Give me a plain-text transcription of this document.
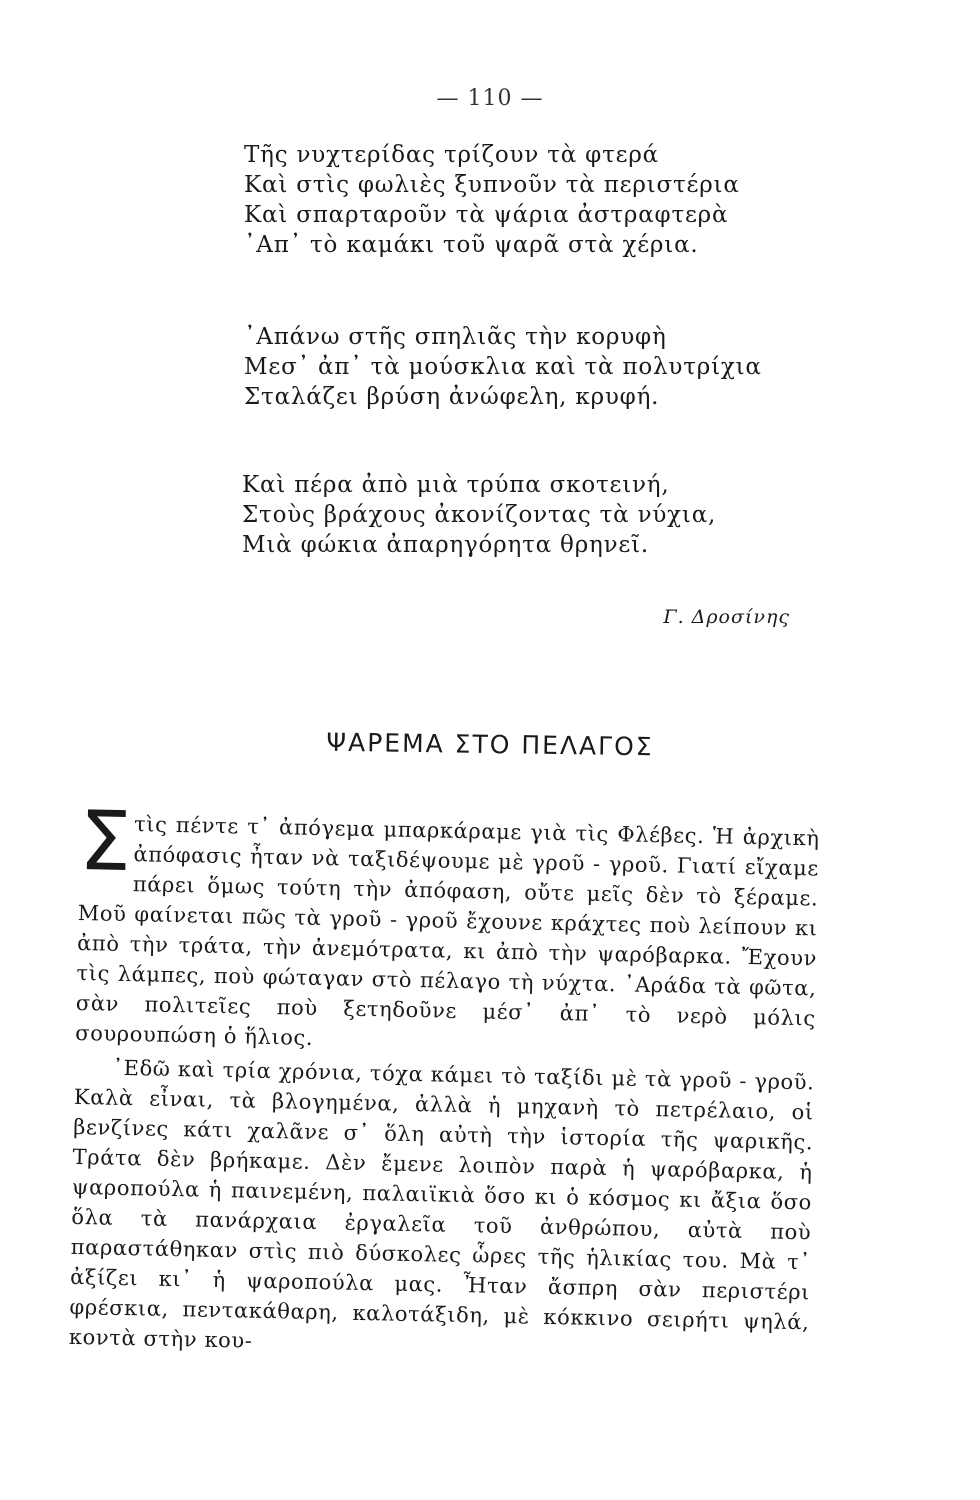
— 110 —
Τῆς νυχτερίδας τρίζουν τὰ φτερά
Καὶ στὶς φωλιὲς ξυπνοῦν τὰ περιστέρια
Καὶ σπαρταροῦν τὰ ψάρια ἀστραφτερὰ
᾿Απ᾿ τὸ καμάκι τοῦ ψαρᾶ στὰ χέρια.
᾿Απάνω στῆς σπηλιᾶς τὴν κορυφὴ
Μεσ᾿ ἀπ᾿ τὰ μούσκλια καὶ τὰ πολυτρίχια
Σταλάζει βρύση ἀνώφελη, κρυφή.
Καὶ πέρα ἀπὸ μιὰ τρύπα σκοτεινή,
Στοὺς βράχους ἀκονίζοντας τὰ νύχια,
Μιὰ φώκια ἀπαρηγόρητα θρηνεῖ.
Γ. Δροσίνης
ΨΑΡΕΜΑ ΣΤΟ ΠΕΛΑΓΟΣ

Στὶς πέντε τ᾿ ἀπόγεμα μπαρκάραμε γιὰ τὶς Φλέβες. Ἡ ἀρχικὴ ἀπόφασις ἦταν νὰ ταξιδέψουμε μὲ γροῦ - γροῦ. Γιατί εἴχαμε πάρει ὅμως τούτη τὴν ἀπόφαση, οὔτε μεῖς δὲν τὸ ξέραμε. Μοῦ φαίνεται πῶς τὰ γροῦ - γροῦ ἔχουνε κράχτες ποὺ λείπουν κι ἀπὸ τὴν τράτα, τὴν ἀνεμότρατα, κι ἀπὸ τὴν ψαρόβαρκα. Ἔχουν τὶς λάμπες, ποὺ φώταγαν στὸ πέλαγο τὴ νύχτα. ᾿Αράδα τὰ φῶτα, σὰν πολιτεῖες ποὺ ξετηδοῦνε μέσ᾿ ἀπ᾿ τὸ νερὸ μόλις σουρουπώση ὁ ἥλιος.

᾿Εδῶ καὶ τρία χρόνια, τόχα κάμει τὸ ταξίδι μὲ τὰ γροῦ - γροῦ. Καλὰ εἶναι, τὰ βλογημένα, ἀλλὰ ἡ μηχανὴ τὸ πετρέλαιο, οἱ βενζίνες κάτι χαλᾶνε σ᾿ ὅλη αὐτὴ τὴν ἱστορία τῆς ψαρικῆς. Τράτα δὲν βρήκαμε. Δὲν ἔμενε λοιπὸν παρὰ ἡ ψαρόβαρκα, ἡ ψαροπούλα ἡ παινεμένη, παλαιϊκιὰ ὅσο κι ὁ κόσμος κι ἄξια ὅσο ὅλα τὰ πανάρχαια ἐργαλεῖα τοῦ ἀνθρώπου, αὐτὰ ποὺ παραστάθηκαν στὶς πιὸ δύσκολες ὧρες τῆς ἡλικίας του. Μὰ τ᾿ ἀξίζει κι᾿ ἡ ψαροπούλα μας. Ἦταν ἄσπρη σὰν περιστέρι φρέσκια, πεντακάθαρη, καλοτάξιδη, μὲ κόκκινο σειρήτι ψηλά, κοντὰ στὴν κου-
